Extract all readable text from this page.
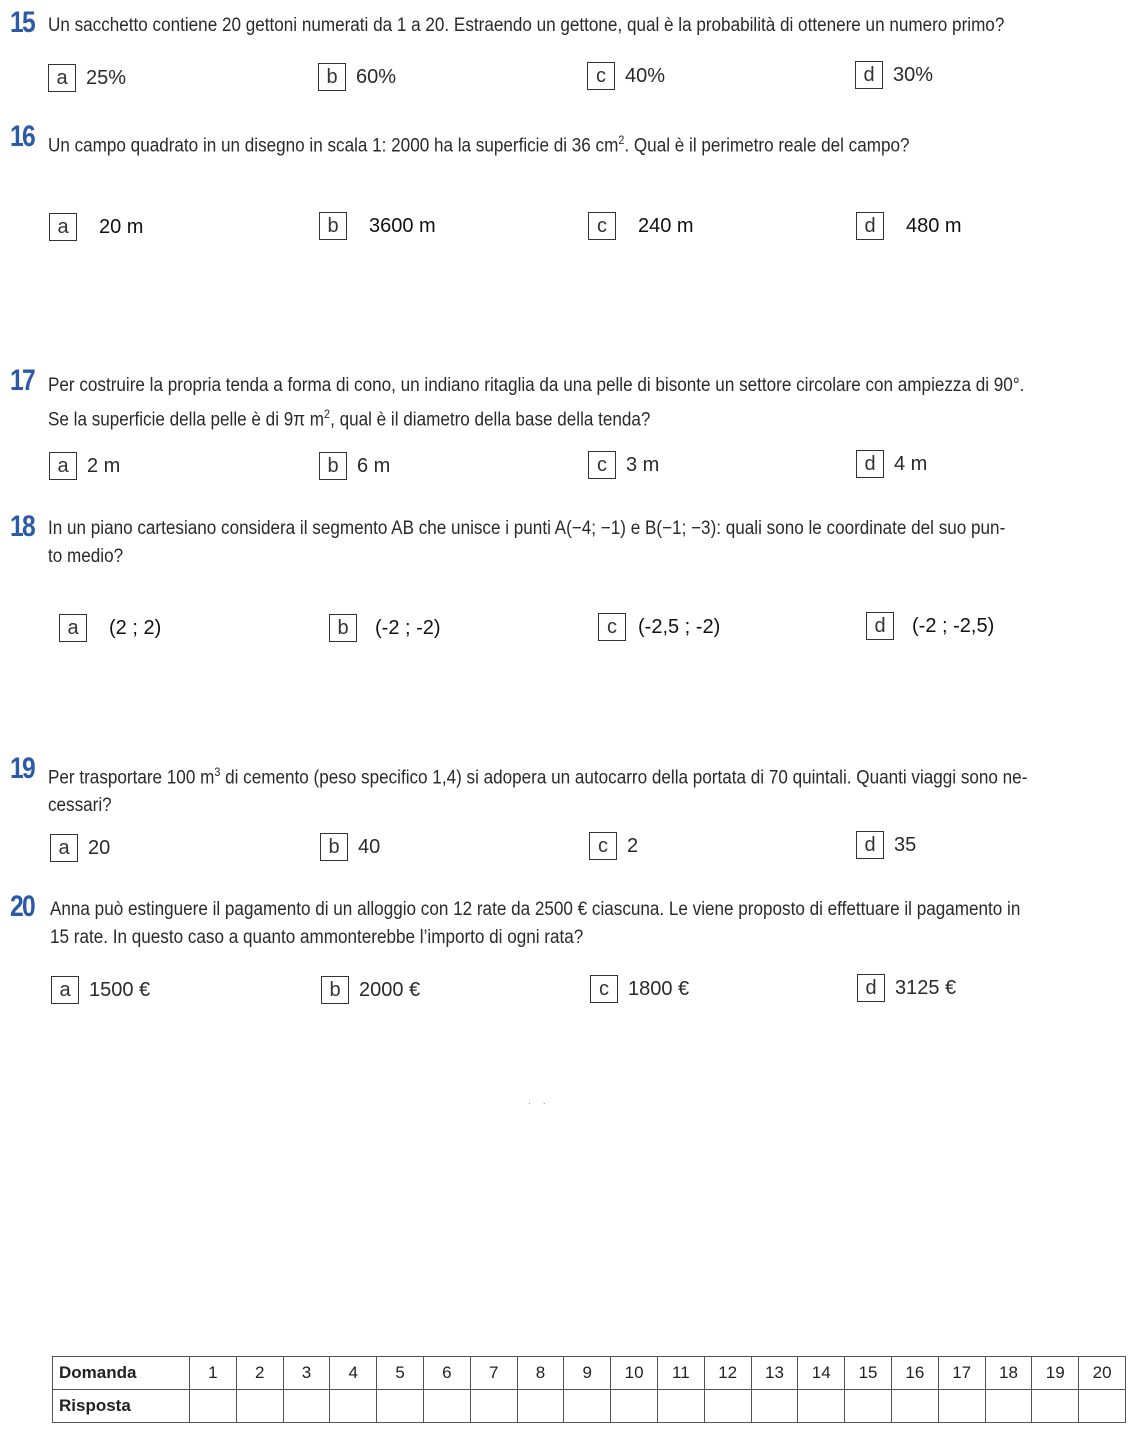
15 Un sacchetto contiene 20 gettoni numerati da 1 a 20. Estraendo un gettone, qual è la probabilità di ottenere un numero primo?
a 25%	b 60%	c 40%	d 30%
16 Un campo quadrato in un disegno in scala 1: 2000 ha la superficie di 36 $cm^2$. Qual è il perimetro reale del campo?
a	20 m	b	3600 m	c	240 m	d	480 m
17 Per costruire la propria tenda a forma di cono, un indiano ritaglia da una pelle di bisonte un settore circolare con ampiezza di 90°.
Se la superficie della pelle è di 9π $m^2$, qual è il diametro della base della tenda?
a 2 m	b 6 m	c 3 m	d 4 m
18 In un piano cartesiano considera il segmento AB che unisce i punti A(−4; −1) e B(−1; −3): quali sono le coordinate del suo pun-
to medio?
a	(2 ; 2)	b	(-2 ; -2)	c	(-2,5 ; -2)	d	(-2 ; -2,5)
19 Per trasportare 100 $m^3$ di cemento (peso specifico 1,4) si adopera un autocarro della portata di 70 quintali. Quanti viaggi sono ne-
cessari?
a 20	b 40	c 2	d 35
20 Anna può estinguere il pagamento di un alloggio con 12 rate da 2500 € ciascuna. Le viene proposto di effettuare il pagamento in
15 rate. In questo caso a quanto ammonterebbe l’importo di ogni rata?
a 1500 €	b 2000 €	c 1800 €	d 3125 €
·    ·
Domanda	1	2	3	4	5	6	7	8	9	10	11	12	13	14	15	16	17	18	19	20
Risposta																				
